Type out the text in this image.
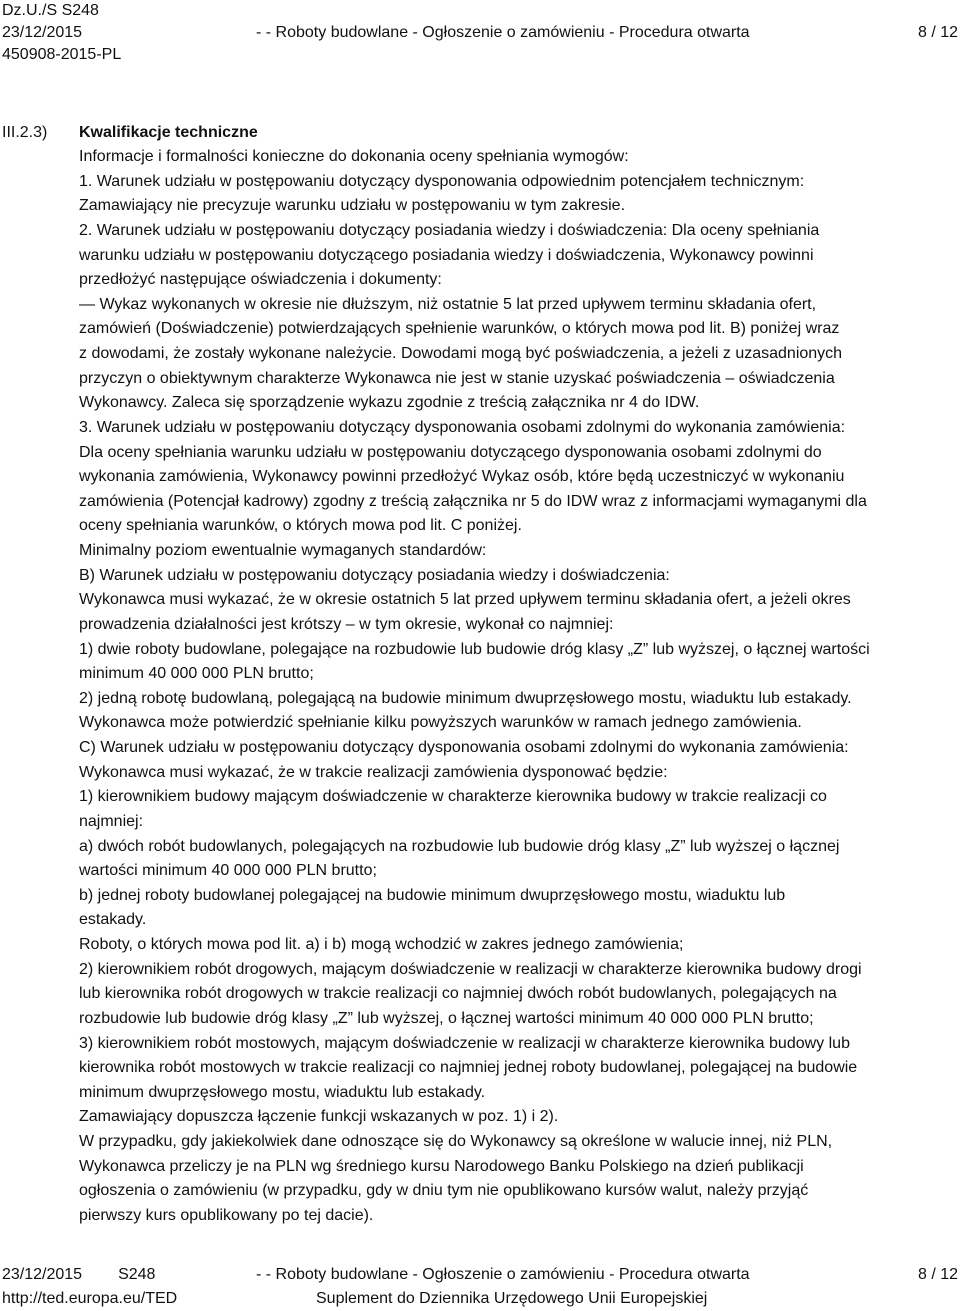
Dz.U./S S248
23/12/2015
450908-2015-PL
- - Roboty budowlane - Ogłoszenie o zamówieniu - Procedura otwarta	8 / 12
III.2.3) Kwalifikacje techniczne
Informacje i formalności konieczne do dokonania oceny spełniania wymogów:
1. Warunek udziału w postępowaniu dotyczący dysponowania odpowiednim potencjałem technicznym:
Zamawiający nie precyzuje warunku udziału w postępowaniu w tym zakresie.
2. Warunek udziału w postępowaniu dotyczący posiadania wiedzy i doświadczenia: Dla oceny spełniania
warunku udziału w postępowaniu dotyczącego posiadania wiedzy i doświadczenia, Wykonawcy powinni
przedłożyć następujące oświadczenia i dokumenty:
— Wykaz wykonanych w okresie nie dłuższym, niż ostatnie 5 lat przed upływem terminu składania ofert,
zamówień (Doświadczenie) potwierdzających spełnienie warunków, o których mowa pod lit. B) poniżej wraz
z dowodami, że zostały wykonane należycie. Dowodami mogą być poświadczenia, a jeżeli z uzasadnionych
przyczyn o obiektywnym charakterze Wykonawca nie jest w stanie uzyskać poświadczenia – oświadczenia
Wykonawcy. Zaleca się sporządzenie wykazu zgodnie z treścią załącznika nr 4 do IDW.
3. Warunek udziału w postępowaniu dotyczący dysponowania osobami zdolnymi do wykonania zamówienia:
Dla oceny spełniania warunku udziału w postępowaniu dotyczącego dysponowania osobami zdolnymi do
wykonania zamówienia, Wykonawcy powinni przedłożyć Wykaz osób, które będą uczestniczyć w wykonaniu
zamówienia (Potencjał kadrowy) zgodny z treścią załącznika nr 5 do IDW wraz z informacjami wymaganymi dla
oceny spełniania warunków, o których mowa pod lit. C poniżej.
Minimalny poziom ewentualnie wymaganych standardów:
B) Warunek udziału w postępowaniu dotyczący posiadania wiedzy i doświadczenia:
Wykonawca musi wykazać, że w okresie ostatnich 5 lat przed upływem terminu składania ofert, a jeżeli okres
prowadzenia działalności jest krótszy – w tym okresie, wykonał co najmniej:
1) dwie roboty budowlane, polegające na rozbudowie lub budowie dróg klasy „Z” lub wyższej, o łącznej wartości
minimum 40 000 000 PLN brutto;
2) jedną robotę budowlaną, polegającą na budowie minimum dwuprzęsłowego mostu, wiaduktu lub estakady.
Wykonawca może potwierdzić spełnianie kilku powyższych warunków w ramach jednego zamówienia.
C) Warunek udziału w postępowaniu dotyczący dysponowania osobami zdolnymi do wykonania zamówienia:
Wykonawca musi wykazać, że w trakcie realizacji zamówienia dysponować będzie:
1) kierownikiem budowy mającym doświadczenie w charakterze kierownika budowy w trakcie realizacji co
najmniej:
a) dwóch robót budowlanych, polegających na rozbudowie lub budowie dróg klasy „Z” lub wyższej o łącznej
wartości minimum 40 000 000 PLN brutto;
b) jednej roboty budowlanej polegającej na budowie minimum dwuprzęsłowego mostu, wiaduktu lub
estakady.
Roboty, o których mowa pod lit. a) i b) mogą wchodzić w zakres jednego zamówienia;
2) kierownikiem robót drogowych, mającym doświadczenie w realizacji w charakterze kierownika budowy drogi
lub kierownika robót drogowych w trakcie realizacji co najmniej dwóch robót budowlanych, polegających na
rozbudowie lub budowie dróg klasy „Z” lub wyższej, o łącznej wartości minimum 40 000 000 PLN brutto;
3) kierownikiem robót mostowych, mającym doświadczenie w realizacji w charakterze kierownika budowy lub
kierownika robót mostowych w trakcie realizacji co najmniej jednej roboty budowlanej, polegającej na budowie
minimum dwuprzęsłowego mostu, wiaduktu lub estakady.
Zamawiający dopuszcza łączenie funkcji wskazanych w poz. 1) i 2).
W przypadku, gdy jakiekolwiek dane odnoszące się do Wykonawcy są określone w walucie innej, niż PLN,
Wykonawca przeliczy je na PLN wg średniego kursu Narodowego Banku Polskiego na dzień publikacji
ogłoszenia o zamówieniu (w przypadku, gdy w dniu tym nie opublikowano kursów walut, należy przyjąć
pierwszy kurs opublikowany po tej dacie).
23/12/2015 S248
http://ted.europa.eu/TED
- - Roboty budowlane - Ogłoszenie o zamówieniu - Procedura otwarta
Suplement do Dziennika Urzędowego Unii Europejskiej
8 / 12
